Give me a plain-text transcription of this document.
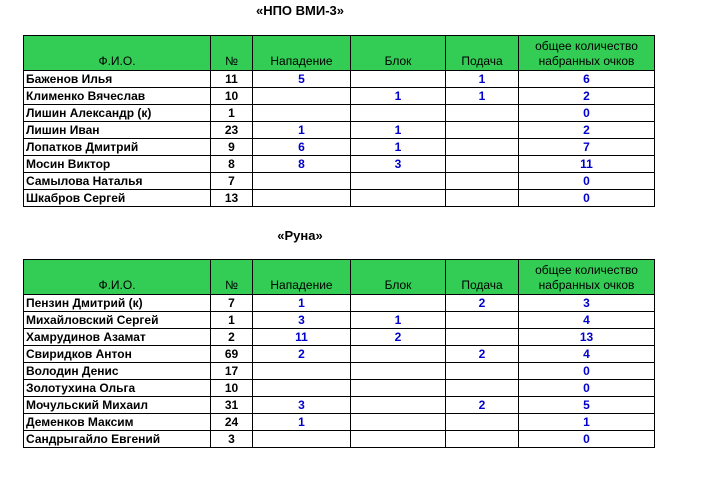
«НПО ВМИ-3»
Ф.И.О.	№	Нападение	Блок	Подача	общее количество набранных очков
Баженов Илья	11	5		1	6
Клименко Вячеслав	10		1	1	2
Лишин Александр (к)	1				0
Лишин Иван	23	1	1		2
Лопатков Дмитрий	9	6	1		7
Мосин Виктор	8	8	3		11
Самылова Наталья	7				0
Шкабров Сергей	13				0
«Руна»
Ф.И.О.	№	Нападение	Блок	Подача	общее количество набранных очков
Пензин Дмитрий (к)	7	1		2	3
Михайловский Сергей	1	3	1		4
Хамрудинов Азамат	2	11	2		13
Свиридков Антон	69	2		2	4
Володин Денис	17				0
Золотухина Ольга	10				0
Мочульский Михаил	31	3		2	5
Деменков Максим	24	1			1
Сандрыгайло Евгений	3				0
